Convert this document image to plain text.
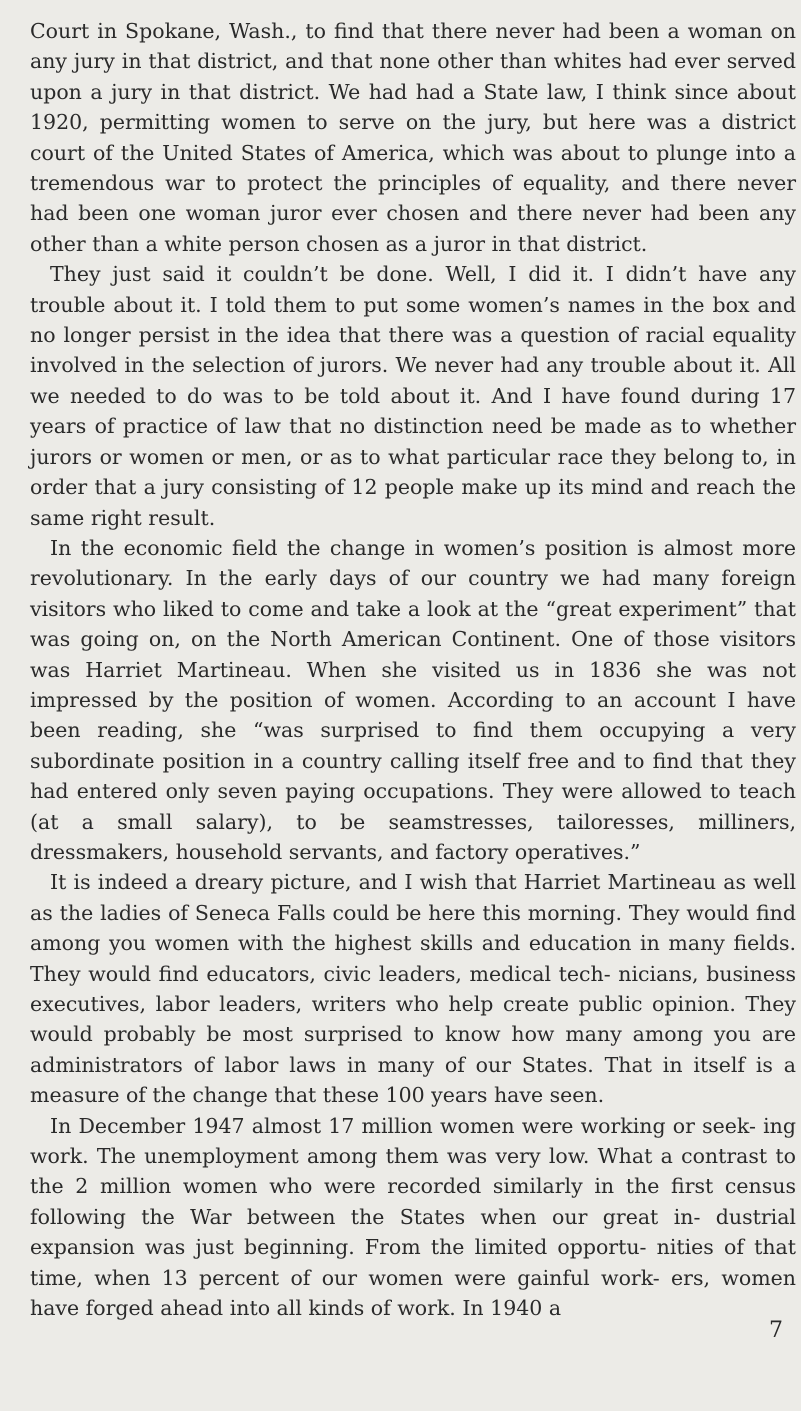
Court in Spokane, Wash., to find that there never had been a woman on any jury in that district, and that none other than whites had ever served upon a jury in that district. We had had a State law, I think since about 1920, permitting women to serve on the jury, but here was a district court of the United States of America, which was about to plunge into a tremendous war to protect the principles of equality, and there never had been one woman juror ever chosen and there never had been any other than a white person chosen as a juror in that district.

They just said it couldn’t be done. Well, I did it. I didn’t have any trouble about it. I told them to put some women’s names in the box and no longer persist in the idea that there was a question of racial equality involved in the selection of jurors. We never had any trouble about it. All we needed to do was to be told about it. And I have found during 17 years of practice of law that no distinction need be made as to whether jurors or women or men, or as to what particular race they belong to, in order that a jury consisting of 12 people make up its mind and reach the same right result.

In the economic field the change in women’s position is almost more revolutionary. In the early days of our country we had many foreign visitors who liked to come and take a look at the “great experiment” that was going on, on the North American Continent. One of those visitors was Harriet Martineau. When she visited us in 1836 she was not impressed by the position of women. According to an account I have been reading, she “was surprised to find them occupying a very subordinate position in a country calling itself free and to find that they had entered only seven paying occupations. They were allowed to teach (at a small salary), to be seamstresses, tailoresses, milliners, dressmakers, household servants, and factory operatives.”

It is indeed a dreary picture, and I wish that Harriet Martineau as well as the ladies of Seneca Falls could be here this morning. They would find among you women with the highest skills and education in many fields. They would find educators, civic leaders, medical tech- nicians, business executives, labor leaders, writers who help create public opinion. They would probably be most surprised to know how many among you are administrators of labor laws in many of our States. That in itself is a measure of the change that these 100 years have seen.

In December 1947 almost 17 million women were working or seek- ing work. The unemployment among them was very low. What a contrast to the 2 million women who were recorded similarly in the first census following the War between the States when our great in- dustrial expansion was just beginning. From the limited opportu- nities of that time, when 13 percent of our women were gainful work- ers, women have forged ahead into all kinds of work. In 1940 a

7
